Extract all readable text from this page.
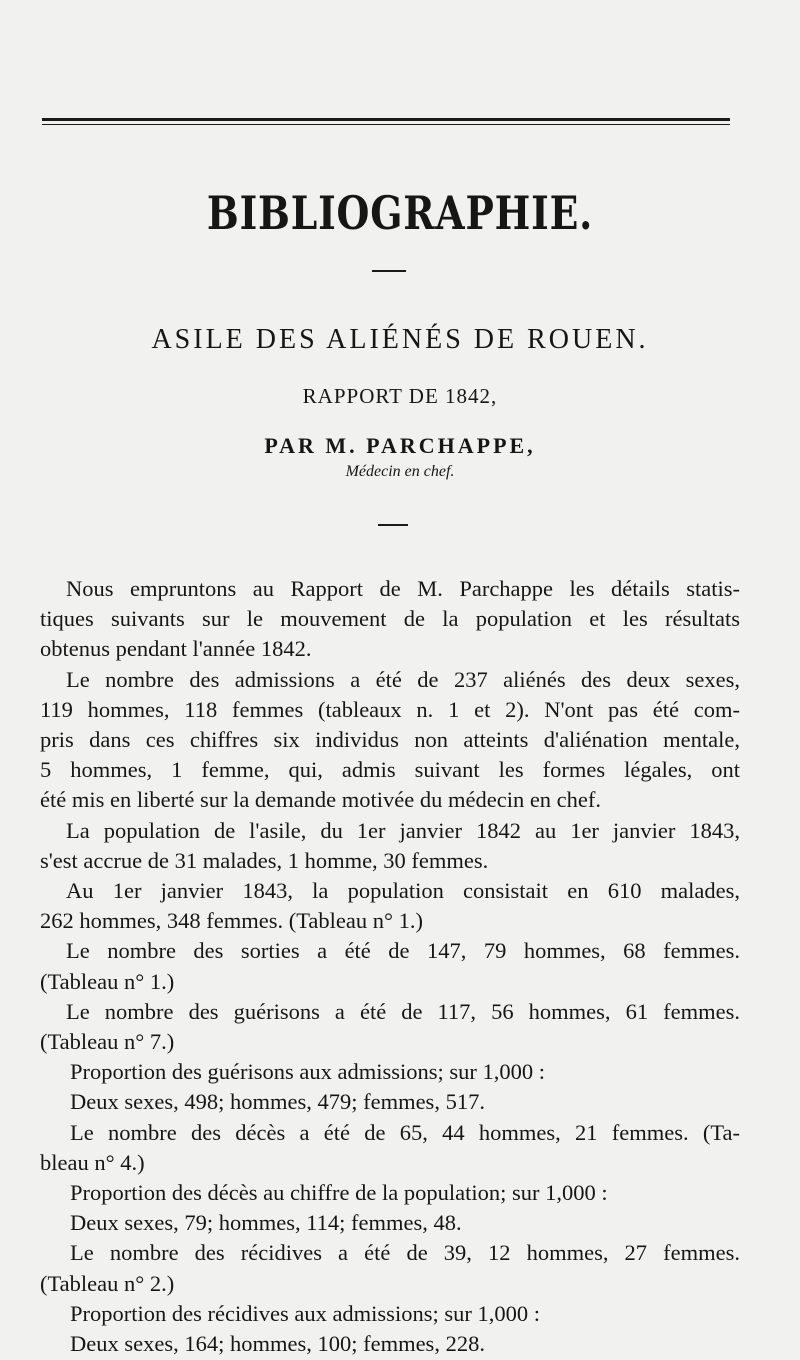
BIBLIOGRAPHIE.
ASILE DES ALIÉNÉS DE ROUEN.
RAPPORT DE 1842,
PAR M. PARCHAPPE,
Médecin en chef.
Nous empruntons au Rapport de M. Parchappe les détails statis-
tiques suivants sur le mouvement de la population et les résultats
obtenus pendant l'année 1842.
Le nombre des admissions a été de 237 aliénés des deux sexes,
119 hommes, 118 femmes (tableaux n. 1 et 2). N'ont pas été com-
pris dans ces chiffres six individus non atteints d'aliénation mentale,
5 hommes, 1 femme, qui, admis suivant les formes légales, ont
été mis en liberté sur la demande motivée du médecin en chef.
La population de l'asile, du 1er janvier 1842 au 1er janvier 1843,
s'est accrue de 31 malades, 1 homme, 30 femmes.
Au 1er janvier 1843, la population consistait en 610 malades,
262 hommes, 348 femmes. (Tableau n° 1.)
Le nombre des sorties a été de 147, 79 hommes, 68 femmes.
(Tableau n° 1.)
Le nombre des guérisons a été de 117, 56 hommes, 61 femmes.
(Tableau n° 7.)
Proportion des guérisons aux admissions; sur 1,000 :
Deux sexes, 498; hommes, 479; femmes, 517.
Le nombre des décès a été de 65, 44 hommes, 21 femmes. (Ta-
bleau n° 4.)
Proportion des décès au chiffre de la population; sur 1,000 :
Deux sexes, 79; hommes, 114; femmes, 48.
Le nombre des récidives a été de 39, 12 hommes, 27 femmes.
(Tableau n° 2.)
Proportion des récidives aux admissions; sur 1,000 :
Deux sexes, 164; hommes, 100; femmes, 228.
